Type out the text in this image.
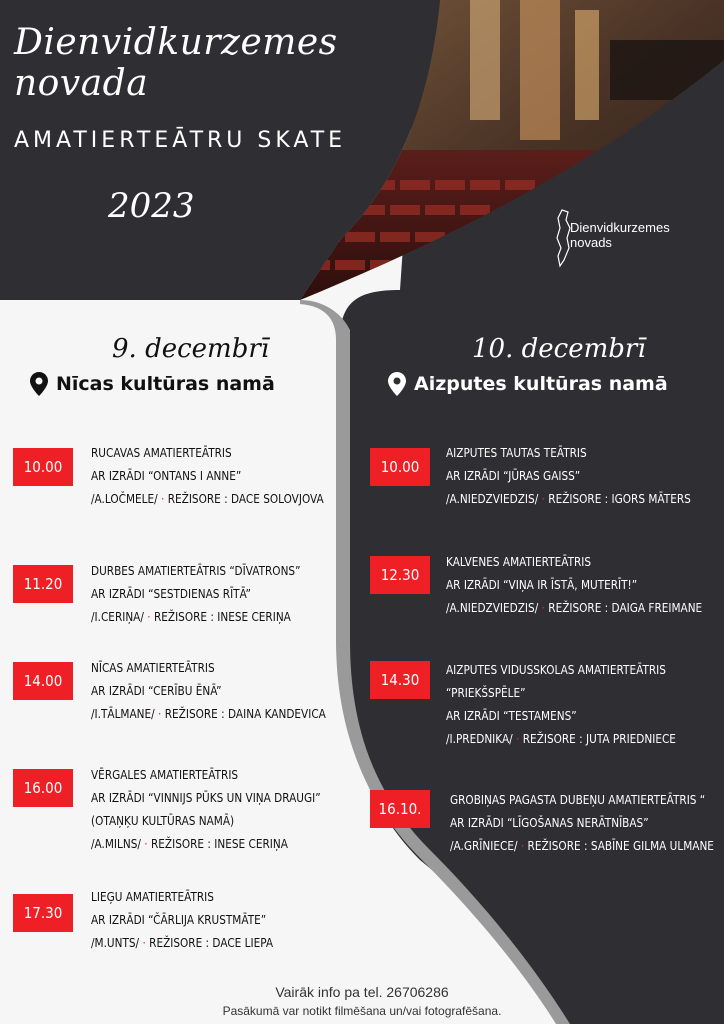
Dienvidkurzemes novada
AMATIERTEĀTRU SKATE
2023
Dienvidkurzemes
novads
9. decembrī
Nīcas kultūras namā
10. decembrī
Aizputes kultūras namā
10.00
RUCAVAS AMATIERTEĀTRIS
AR IZRĀDI “ONTANS I ANNE”
/A.LOČMELE/ · REŽISORE : DACE SOLOVJOVA
11.20
DURBES AMATIERTEĀTRIS “DĪVATRONS”
AR IZRĀDI “SESTDIENAS RĪTĀ”
/I.CERIŅA/ · REŽISORE : INESE CERIŅA
14.00
NĪCAS AMATIERTEĀTRIS
AR IZRĀDI “CERĪBU ĒNĀ”
/I.TĀLMANE/ · REŽISORE : DAINA KANDEVICA
16.00
VĒRGALES AMATIERTEĀTRIS
AR IZRĀDI “VINNIJS PŪKS UN VIŅA DRAUGI”
(OTAŅĶU KULTŪRAS NAMĀ)
/A.MILNS/ · REŽISORE : INESE CERIŅA
17.30
LIEĢU AMATIERTEĀTRIS
AR IZRĀDI “ČĀRLIJA KRUSTMĀTE”
/M.UNTS/ · REŽISORE : DACE LIEPA
10.00
AIZPUTES TAUTAS TEĀTRIS
AR IZRĀDI “JŪRAS GAISS”
/A.NIEDZVIEDZIS/ · REŽISORE : IGORS MĀTERS
12.30
KALVENES AMATIERTEĀTRIS
AR IZRĀDI “VIŅA IR ĪSTĀ, MUTERĪT!”
/A.NIEDZVIEDZIS/ · REŽISORE : DAIGA FREIMANE
14.30
AIZPUTES VIDUSSKOLAS AMATIERTEĀTRIS
“PRIEKŠSPĒLE”
AR IZRĀDI “TESTAMENS”
/I.PREDNIKA/ · REŽISORE : JUTA PRIEDNIECE
16.10.
GROBIŅAS PAGASTA DUBEŅU AMATIERTEĀTRIS “
AR IZRĀDI “LĪGOŠANAS NERĀTNĪBAS”
/A.GRĪNIECE/ · REŽISORE : SABĪNE GILMA ULMANE
Vairāk info pa tel. 26706286
Pasākumā var notikt filmēšana un/vai fotografēšana.
